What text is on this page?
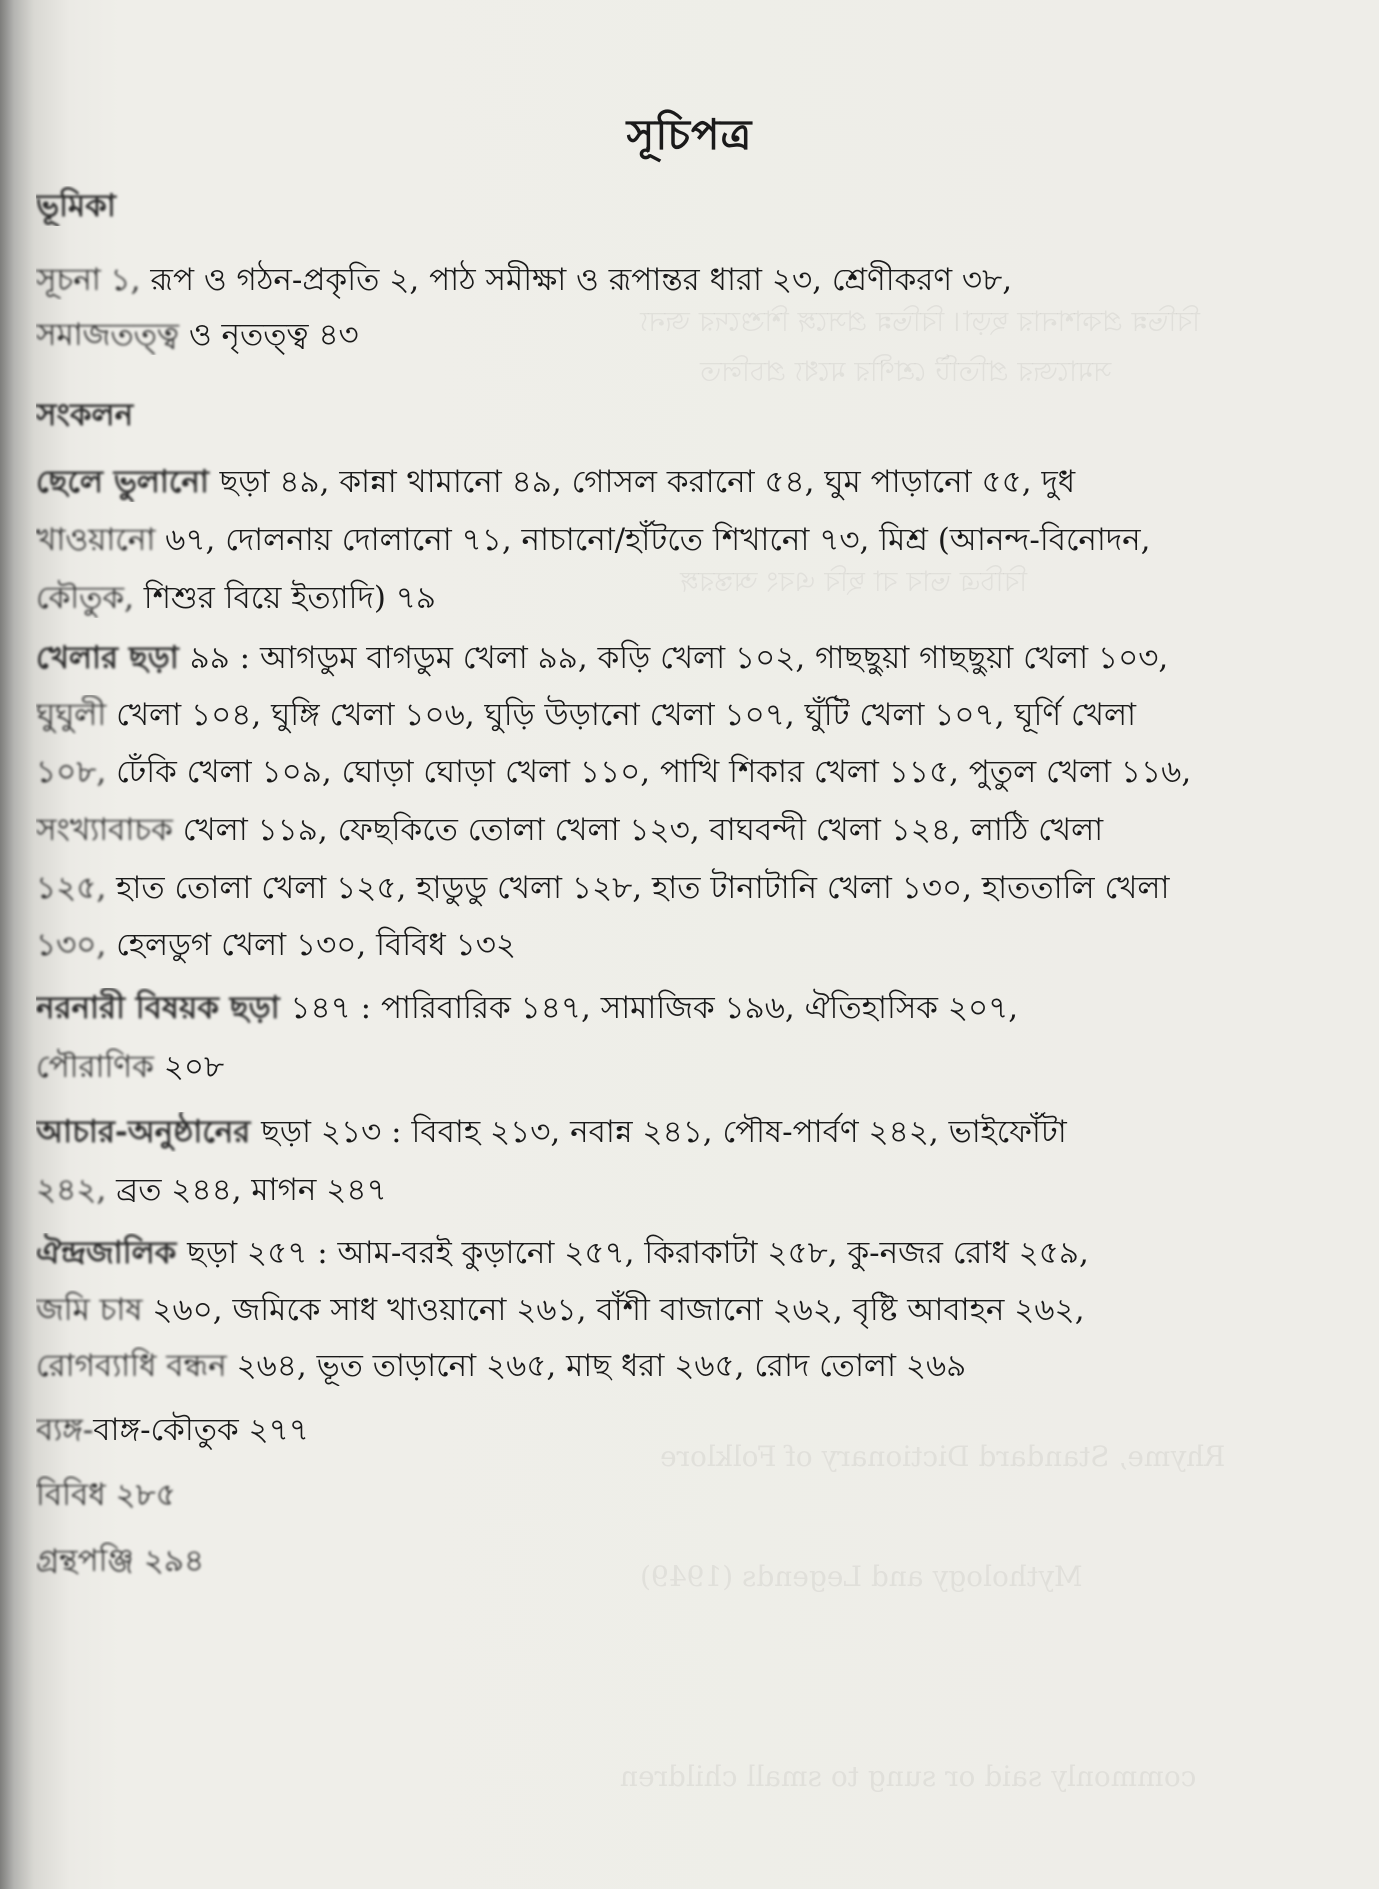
বিভিন্ন প্রকাশনার ছড়া। বিভিন্ন প্রসঙ্গে শিশুদের জন্য
সমাজের প্রতিটি শ্রেণীর মধ্যে প্রচলিত
বিচিত্র ভাব বা ছবি এবং অন্তরঙ্গ
Rhyme, Standard Dictionary of Folklore
Mythology and Legends (1949)
commonly said or sung to small children
সূচিপত্র
ভূমিকা
সূচনা ১, রূপ ও গঠন-প্রকৃতি ২, পাঠ সমীক্ষা ও রূপান্তর ধারা ২৩, শ্রেণীকরণ ৩৮,
সমাজতত্ত্ব ও নৃতত্ত্ব ৪৩
সংকলন
ছেলে ভুলানো ছড়া ৪৯, কান্না থামানো ৪৯, গোসল করানো ৫৪, ঘুম পাড়ানো ৫৫, দুধ
খাওয়ানো ৬৭, দোলনায় দোলানো ৭১, নাচানো/হাঁটতে শিখানো ৭৩, মিশ্র (আনন্দ-বিনোদন,
কৌতুক, শিশুর বিয়ে ইত্যাদি) ৭৯
খেলার ছড়া ৯৯ : আগডুম বাগডুম খেলা ৯৯, কড়ি খেলা ১০২, গাছছুয়া গাছছুয়া খেলা ১০৩,
ঘুঘুলী খেলা ১০৪, ঘুঙ্গি খেলা ১০৬, ঘুড়ি উড়ানো খেলা ১০৭, ঘুঁটি খেলা ১০৭, ঘূর্ণি খেলা
১০৮, ঢেঁকি খেলা ১০৯, ঘোড়া ঘোড়া খেলা ১১০, পাখি শিকার খেলা ১১৫, পুতুল খেলা ১১৬,
সংখ্যাবাচক খেলা ১১৯, ফেছকিতে তোলা খেলা ১২৩, বাঘবন্দী খেলা ১২৪, লাঠি খেলা
১২৫, হাত তোলা খেলা ১২৫, হাডুডু খেলা ১২৮, হাত টানাটানি খেলা ১৩০, হাততালি খেলা
১৩০, হেলডুগ খেলা ১৩০, বিবিধ ১৩২
নরনারী বিষয়ক ছড়া ১৪৭ : পারিবারিক ১৪৭, সামাজিক ১৯৬, ঐতিহাসিক ২০৭,
পৌরাণিক ২০৮
আচার-অনুষ্ঠানের ছড়া ২১৩ : বিবাহ ২১৩, নবান্ন ২৪১, পৌষ-পার্বণ ২৪২, ভাইফোঁটা
২৪২, ব্রত ২৪৪, মাগন ২৪৭
ঐন্দ্রজালিক ছড়া ২৫৭ : আম-বরই কুড়ানো ২৫৭, কিরাকাটা ২৫৮, কু-নজর রোধ ২৫৯,
জমি চাষ ২৬০, জমিকে সাধ খাওয়ানো ২৬১, বাঁশী বাজানো ২৬২, বৃষ্টি আবাহন ২৬২,
রোগব্যাধি বন্ধন ২৬৪, ভূত তাড়ানো ২৬৫, মাছ ধরা ২৬৫, রোদ তোলা ২৬৯
ব্যঙ্গ-বাঙ্গ-কৌতুক ২৭৭
বিবিধ ২৮৫
গ্রন্থপঞ্জি ২৯৪
